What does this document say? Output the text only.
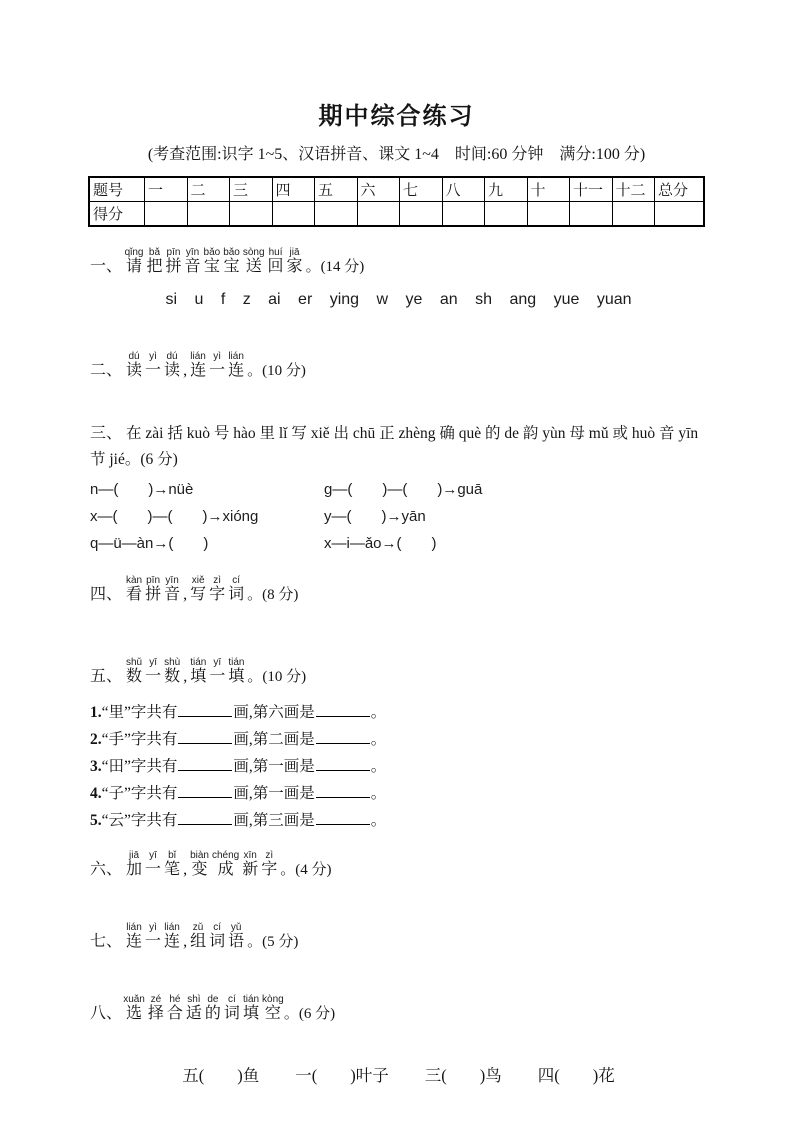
期中综合练习
(考查范围:识字 1~5、汉语拼音、课文 1~4　时间:60 分钟　满分:100 分)
题号	一	二	三	四	五	六	七	八	九	十	十一	十二	总分
得分													
一、 请qǐng把bǎ拼pīn音yīn宝bǎo宝bǎo送sòng回huí家jiā。(14 分)
si u f z ai er ying w ye an sh ang yue yuan
二、 读dú一yì读dú, 连lián一yì连lián。(10 分)
三、 在 zài 括 kuò 号 hào 里 lǐ 写 xiě 出 chū 正 zhèng 确 què 的 de 韵 yùn 母 mǔ 或 huò 音 yīn 节 jié。(6 分)
n—(　　)→nüè	g—(　　)—(　　)→guā
x—(　　)—(　　)→xióng	y—(　　)→yān
q—ü—àn→(　　)	x—i—ǎo→(　　)
四、 看kàn拼pīn音yīn, 写xiě字zì词cí。(8 分)
五、 数shǔ一yī数shù, 填tián一yī填tián。(10 分)
1.“里”字共有	画,第六画是	。
2.“手”字共有	画,第二画是	。
3.“田”字共有	画,第一画是	。
4.“子”字共有	画,第一画是	。
5.“云”字共有	画,第三画是	。
六、 加jiā一yī笔bǐ, 变biàn成chéng新xīn字zì。(4 分)
七、 连lián一yì连lián, 组zǔ词cí语yǔ。(5 分)
八、选xuǎn择zé合hé适shì的de词cí填tián空kòng。(6 分)
五(　　)鱼 一(　　)叶子 三(　　)鸟 四(　　)花
